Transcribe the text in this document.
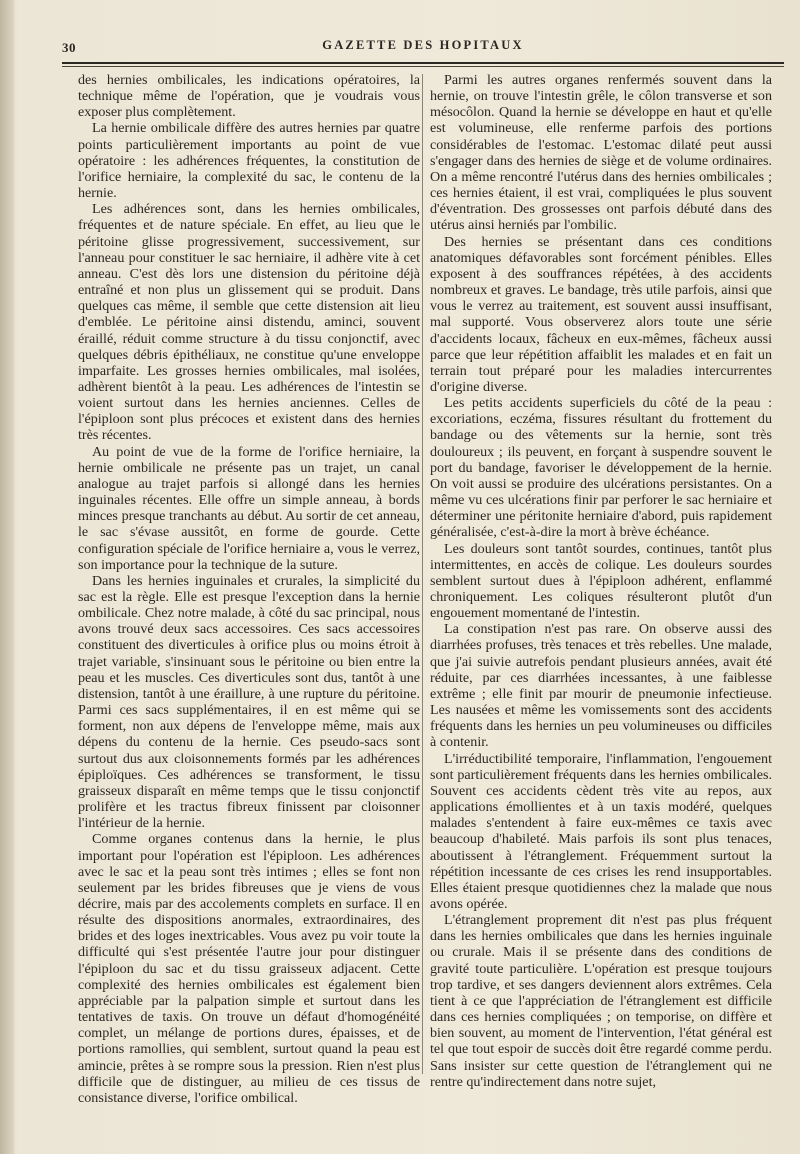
30	GAZETTE DES HOPITAUX

des hernies ombilicales, les indications opératoires, la technique même de l'opération, que je voudrais vous exposer plus complètement.

La hernie ombilicale diffère des autres hernies par quatre points particulièrement importants au point de vue opératoire : les adhérences fréquentes, la constitution de l'orifice herniaire, la complexité du sac, le contenu de la hernie.

Les adhérences sont, dans les hernies ombilicales, fréquentes et de nature spéciale. En effet, au lieu que le péritoine glisse progressivement, successivement, sur l'anneau pour constituer le sac herniaire, il adhère vite à cet anneau. C'est dès lors une distension du péritoine déjà entraîné et non plus un glissement qui se produit. Dans quelques cas même, il semble que cette distension ait lieu d'emblée. Le péritoine ainsi distendu, aminci, souvent éraillé, réduit comme structure à du tissu conjonctif, avec quelques débris épithéliaux, ne constitue qu'une enveloppe imparfaite. Les grosses hernies ombilicales, mal isolées, adhèrent bientôt à la peau. Les adhérences de l'intestin se voient surtout dans les hernies anciennes. Celles de l'épiploon sont plus précoces et existent dans des hernies très récentes.

Au point de vue de la forme de l'orifice herniaire, la hernie ombilicale ne présente pas un trajet, un canal analogue au trajet parfois si allongé dans les hernies inguinales récentes. Elle offre un simple anneau, à bords minces presque tranchants au début. Au sortir de cet anneau, le sac s'évase aussitôt, en forme de gourde. Cette configuration spéciale de l'orifice herniaire a, vous le verrez, son importance pour la technique de la suture.

Dans les hernies inguinales et crurales, la simplicité du sac est la règle. Elle est presque l'exception dans la hernie ombilicale. Chez notre malade, à côté du sac principal, nous avons trouvé deux sacs accessoires. Ces sacs accessoires constituent des diverticules à orifice plus ou moins étroit à trajet variable, s'insinuant sous le péritoine ou bien entre la peau et les muscles. Ces diverticules sont dus, tantôt à une distension, tantôt à une éraillure, à une rupture du péritoine. Parmi ces sacs supplémentaires, il en est même qui se forment, non aux dépens de l'enveloppe même, mais aux dépens du contenu de la hernie. Ces pseudo-sacs sont surtout dus aux cloisonnements formés par les adhérences épiploïques. Ces adhérences se transforment, le tissu graisseux disparaît en même temps que le tissu conjonctif prolifère et les tractus fibreux finissent par cloisonner l'intérieur de la hernie.

Comme organes contenus dans la hernie, le plus important pour l'opération est l'épiploon. Les adhérences avec le sac et la peau sont très intimes ; elles se font non seulement par les brides fibreuses que je viens de vous décrire, mais par des accolements complets en surface. Il en résulte des dispositions anormales, extraordinaires, des brides et des loges inextricables. Vous avez pu voir toute la difficulté qui s'est présentée l'autre jour pour distinguer l'épiploon du sac et du tissu graisseux adjacent. Cette complexité des hernies ombilicales est également bien appréciable par la palpation simple et surtout dans les tentatives de taxis. On trouve un défaut d'homogénéité complet, un mélange de portions dures, épaisses, et de portions ramollies, qui semblent, surtout quand la peau est amincie, prêtes à se rompre sous la pression. Rien n'est plus difficile que de distinguer, au milieu de ces tissus de consistance diverse, l'orifice ombilical.

Parmi les autres organes renfermés souvent dans la hernie, on trouve l'intestin grêle, le côlon transverse et son mésocôlon. Quand la hernie se développe en haut et qu'elle est volumineuse, elle renferme parfois des portions considérables de l'estomac. L'estomac dilaté peut aussi s'engager dans des hernies de siège et de volume ordinaires. On a même rencontré l'utérus dans des hernies ombilicales ; ces hernies étaient, il est vrai, compliquées le plus souvent d'éventration. Des grossesses ont parfois débuté dans des utérus ainsi herniés par l'ombilic.

Des hernies se présentant dans ces conditions anatomiques défavorables sont forcément pénibles. Elles exposent à des souffrances répétées, à des accidents nombreux et graves. Le bandage, très utile parfois, ainsi que vous le verrez au traitement, est souvent aussi insuffisant, mal supporté. Vous observerez alors toute une série d'accidents locaux, fâcheux en eux-mêmes, fâcheux aussi parce que leur répétition affaiblit les malades et en fait un terrain tout préparé pour les maladies intercurrentes d'origine diverse.

Les petits accidents superficiels du côté de la peau : excoriations, eczéma, fissures résultant du frottement du bandage ou des vêtements sur la hernie, sont très douloureux ; ils peuvent, en forçant à suspendre souvent le port du bandage, favoriser le développement de la hernie. On voit aussi se produire des ulcérations persistantes. On a même vu ces ulcérations finir par perforer le sac herniaire et déterminer une péritonite herniaire d'abord, puis rapidement généralisée, c'est-à-dire la mort à brève échéance.

Les douleurs sont tantôt sourdes, continues, tantôt plus intermittentes, en accès de colique. Les douleurs sourdes semblent surtout dues à l'épiploon adhérent, enflammé chroniquement. Les coliques résulteront plutôt d'un engouement momentané de l'intestin.

La constipation n'est pas rare. On observe aussi des diarrhées profuses, très tenaces et très rebelles. Une malade, que j'ai suivie autrefois pendant plusieurs années, avait été réduite, par ces diarrhées incessantes, à une faiblesse extrême ; elle finit par mourir de pneumonie infectieuse. Les nausées et même les vomissements sont des accidents fréquents dans les hernies un peu volumineuses ou difficiles à contenir.

L'irréductibilité temporaire, l'inflammation, l'engouement sont particulièrement fréquents dans les hernies ombilicales. Souvent ces accidents cèdent très vite au repos, aux applications émollientes et à un taxis modéré, quelques malades s'entendent à faire eux-mêmes ce taxis avec beaucoup d'habileté. Mais parfois ils sont plus tenaces, aboutissent à l'étranglement. Fréquemment surtout la répétition incessante de ces crises les rend insupportables. Elles étaient presque quotidiennes chez la malade que nous avons opérée.

L'étranglement proprement dit n'est pas plus fréquent dans les hernies ombilicales que dans les hernies inguinale ou crurale. Mais il se présente dans des conditions de gravité toute particulière. L'opération est presque toujours trop tardive, et ses dangers deviennent alors extrêmes. Cela tient à ce que l'appréciation de l'étranglement est difficile dans ces hernies compliquées ; on temporise, on diffère et bien souvent, au moment de l'intervention, l'état général est tel que tout espoir de succès doit être regardé comme perdu. Sans insister sur cette question de l'étranglement qui ne rentre qu'indirectement dans notre sujet,
